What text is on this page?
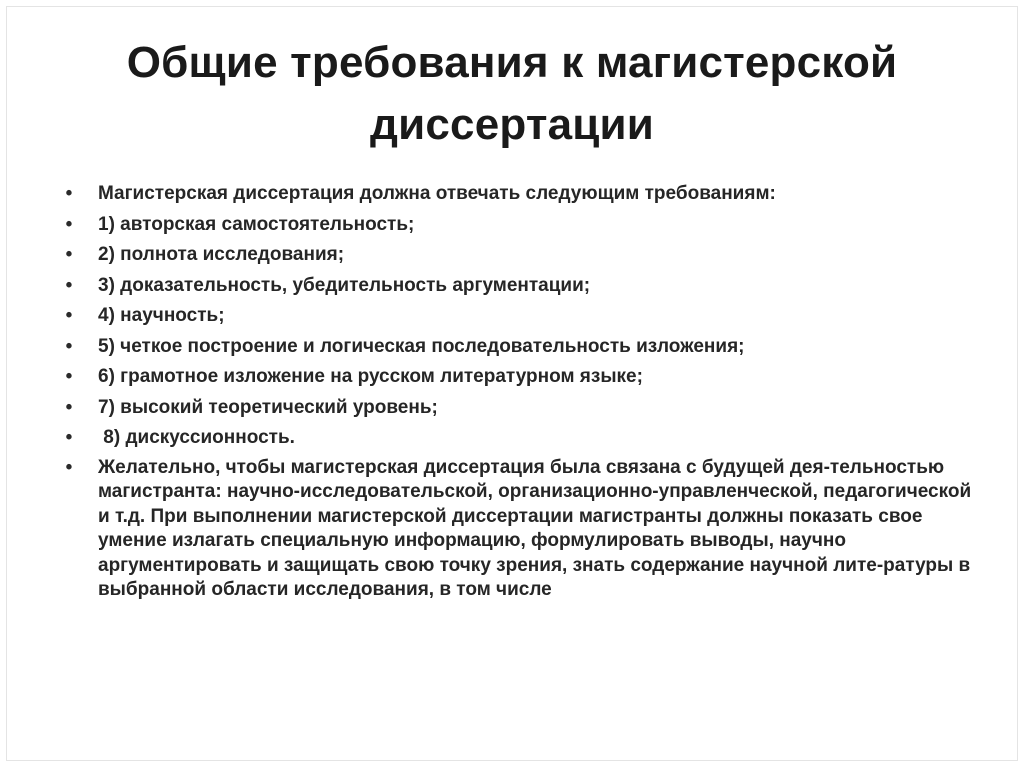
Общие требования к магистерской
диссертации
• Магистерская диссертация должна отвечать следующим требованиям:
• 1) авторская самостоятельность;
• 2) полнота исследования;
• 3) доказательность, убедительность аргументации;
• 4) научность;
• 5) четкое построение и логическая последовательность изложения;
• 6) грамотное изложение на русском литературном языке;
• 7) высокий теоретический уровень;
• 8) дискуссионность.
• Желательно, чтобы магистерская диссертация была связана с будущей дея-тельностью магистранта: научно-исследовательской, организационно-управленческой, педагогической и т.д. При выполнении магистерской диссертации магистранты должны показать свое умение излагать специальную информацию, формулировать выводы, научно аргументировать и защищать свою точку зрения, знать содержание научной лите-ратуры в выбранной области исследования, в том числе
